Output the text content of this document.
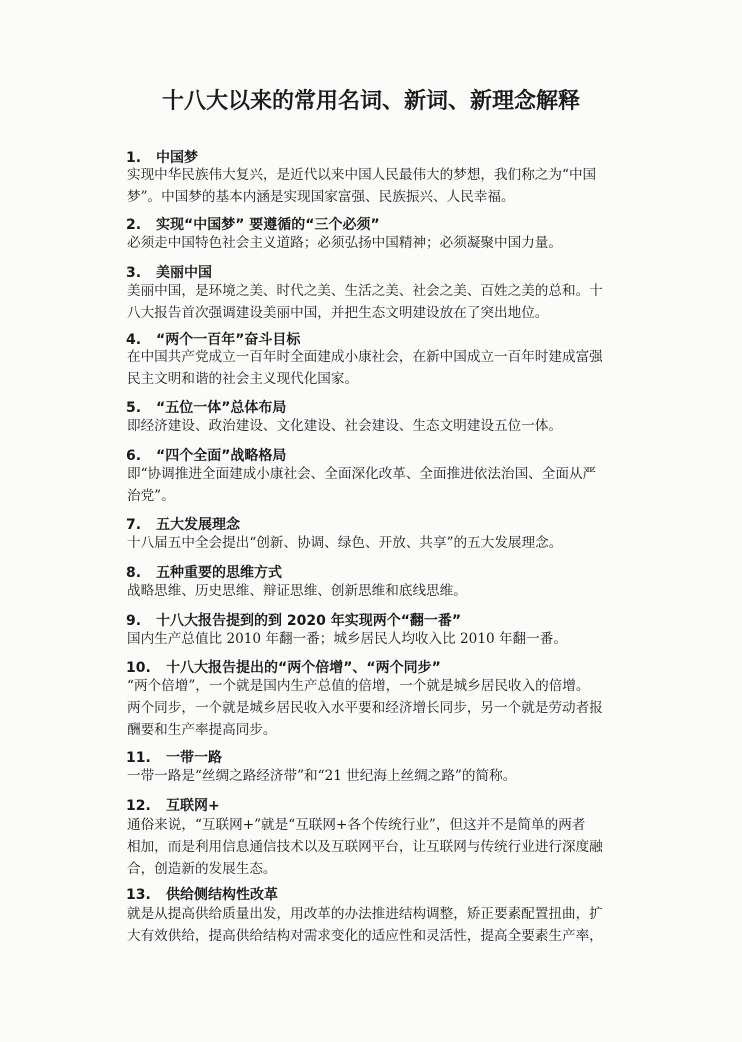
十八大以来的常用名词、新词、新理念解释
1. 中国梦
实现中华民族伟大复兴，是近代以来中国人民最伟大的梦想，我们称之为“中国
梦”。中国梦的基本内涵是实现国家富强、民族振兴、人民幸福。
2. 实现“中国梦” 要遵循的“三个必须”
必须走中国特色社会主义道路；必须弘扬中国精神；必须凝聚中国力量。
3. 美丽中国
美丽中国，是环境之美、时代之美、生活之美、社会之美、百姓之美的总和。十
八大报告首次强调建设美丽中国，并把生态文明建设放在了突出地位。
4. “两个一百年”奋斗目标
在中国共产党成立一百年时全面建成小康社会，在新中国成立一百年时建成富强
民主文明和谐的社会主义现代化国家。
5. “五位一体”总体布局
即经济建设、政治建设、文化建设、社会建设、生态文明建设五位一体。
6. “四个全面”战略格局
即“协调推进全面建成小康社会、全面深化改革、全面推进依法治国、全面从严
治党”。
7. 五大发展理念
十八届五中全会提出“创新、协调、绿色、开放、共享”的五大发展理念。
8. 五种重要的思维方式
战略思维、历史思维、辩证思维、创新思维和底线思维。
9. 十八大报告提到的到 2020 年实现两个“翻一番”
国内生产总值比 2010 年翻一番；城乡居民人均收入比 2010 年翻一番。
10. 十八大报告提出的“两个倍增”、“两个同步”
“两个倍增”，一个就是国内生产总值的倍增，一个就是城乡居民收入的倍增。
两个同步，一个就是城乡居民收入水平要和经济增长同步，另一个就是劳动者报
酬要和生产率提高同步。
11. 一带一路
一带一路是“丝绸之路经济带”和“21 世纪海上丝绸之路”的简称。
12. 互联网+
通俗来说，“互联网+”就是“互联网+各个传统行业”，但这并不是简单的两者
相加，而是利用信息通信技术以及互联网平台，让互联网与传统行业进行深度融
合，创造新的发展生态。
13. 供给侧结构性改革
就是从提高供给质量出发，用改革的办法推进结构调整，矫正要素配置扭曲，扩
大有效供给，提高供给结构对需求变化的适应性和灵活性，提高全要素生产率，
